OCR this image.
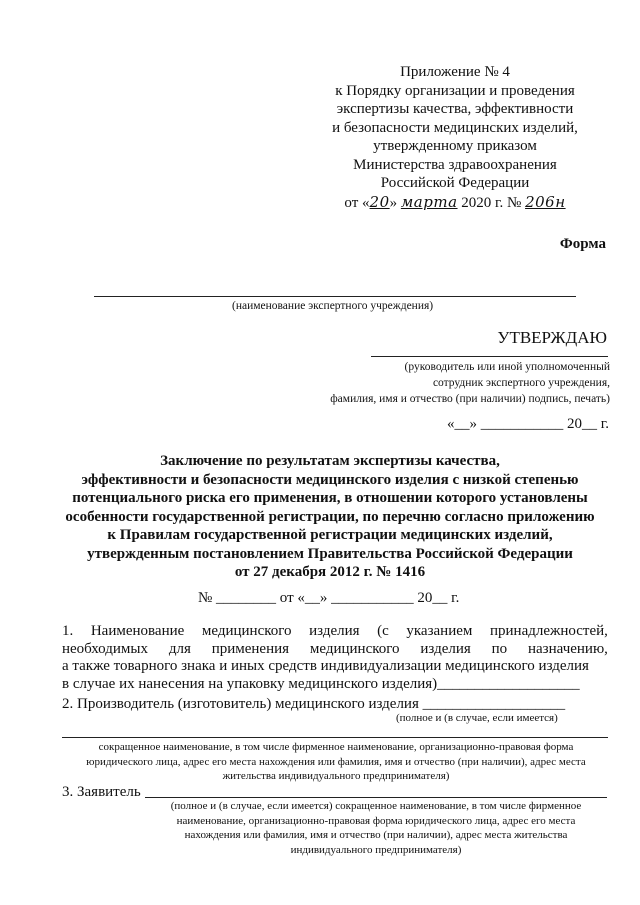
Приложение № 4
к Порядку организации и проведения
экспертизы качества, эффективности
и безопасности медицинских изделий,
утвержденному приказом
Министерства здравоохранения
Российской Федерации
от «20» марта 2020 г. № 206н
Форма
(наименование экспертного учреждения)
УТВЕРЖДАЮ
(руководитель или иной уполномоченный
сотрудник экспертного учреждения,
фамилия, имя и отчество (при наличии) подпись, печать)
«__» ___________ 20__ г.
Заключение по результатам экспертизы качества,
эффективности и безопасности медицинского изделия с низкой степенью
потенциального риска его применения, в отношении которого установлены
особенности государственной регистрации, по перечню согласно приложению
к Правилам государственной регистрации медицинских изделий,
утвержденным постановлением Правительства Российской Федерации
от 27 декабря 2012 г. № 1416
№ ________ от «__» ___________ 20__ г.
1. Наименование медицинского изделия (с указанием принадлежностей,
необходимых для применения медицинского изделия по назначению,
а также товарного знака и иных средств индивидуализации медицинского изделия
в случае их нанесения на упаковку медицинского изделия)___________________
2. Производитель (изготовитель) медицинского изделия ___________________
(полное и (в случае, если имеется)
сокращенное наименование, в том числе фирменное наименование, организационно-правовая форма
юридического лица, адрес его места нахождения или фамилия, имя и отчество (при наличии), адрес места
жительства индивидуального предпринимателя)
3. Заявитель
(полное и (в случае, если имеется) сокращенное наименование, в том числе фирменное
наименование, организационно-правовая форма юридического лица, адрес его места
нахождения или фамилия, имя и отчество (при наличии), адрес места жительства
индивидуального предпринимателя)
